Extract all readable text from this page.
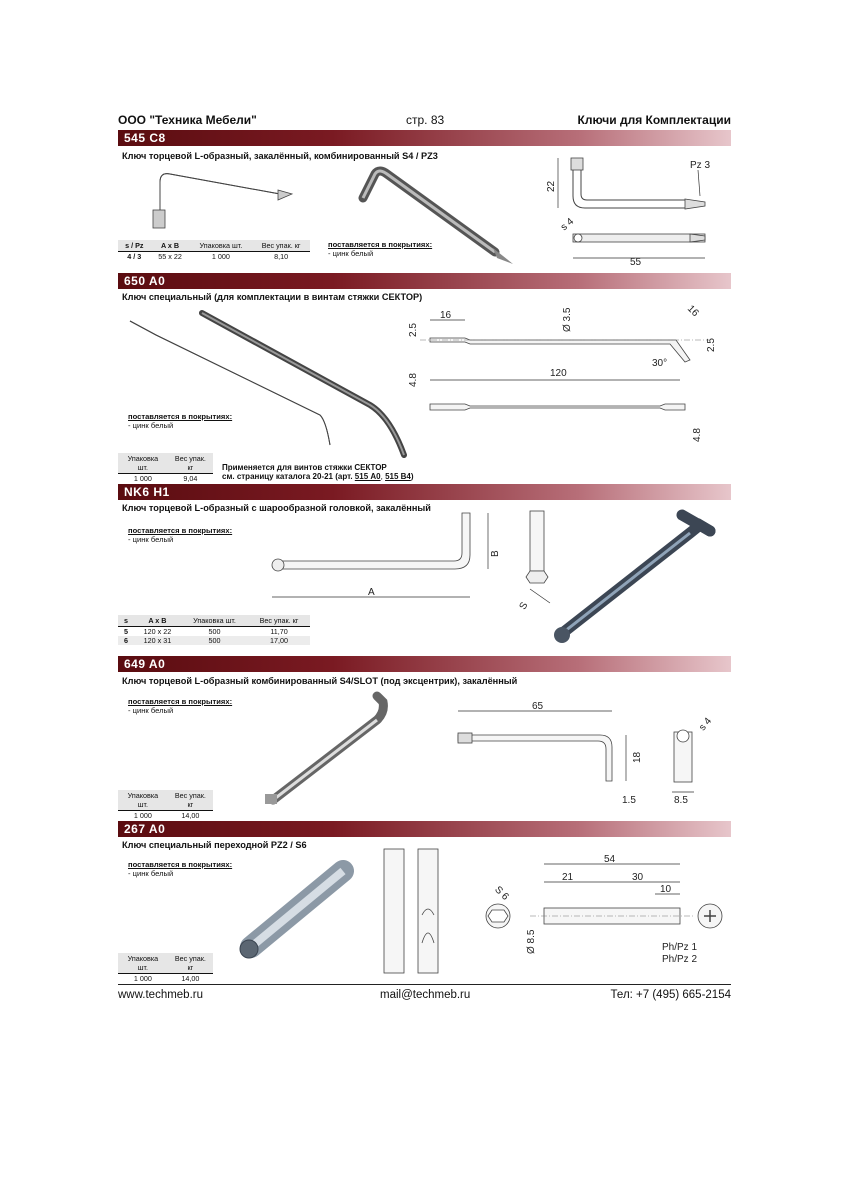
ООО "Техника Мебели"	стр. 83	Ключи для Комплектации
545 C8
Ключ торцевой L-образный, закалённый, комбинированный S4 / PZ3
22
Pz 3
s 4
55
s / Pz	A x B	Упаковка шт.	Вес упак. кг
4 / 3	55 x 22	1 000	8,10
поставляется в покрытиях:
- цинк белый
650 A0
Ключ специальный (для комплектации в винтам стяжки СЕКТОР)
16
2.5	Ø 3.5	16
2.5
30°
120
4.8
4.8
поставляется в покрытиях:
- цинк белый
Упаковка шт.	Вес упак. кг
1 000	9,04
Применяется для винтов стяжки СЕКТОР
см. страницу каталога 20-21 (арт. 515 A0, 515 B4)
NK6 H1
Ключ торцевой L-образный с шарообразной головкой, закалённый
поставляется в покрытиях:
- цинк белый
B
A
S
s	A x B	Упаковка шт.	Вес упак. кг
5	120 x 22	500	11,70
6	120 x 31	500	17,00
649 A0
Ключ торцевой L-образный комбинированный S4/SLOT (под эксцентрик), закалённый
поставляется в покрытиях:
- цинк белый	65
18
1.5
s 4
8.5
Упаковка шт.	Вес упак. кг
1 000	14,00
267 A0
Ключ специальный переходной PZ2 / S6
поставляется в покрытиях:
- цинк белый
54
21	30
10
S 6
Ø 8.5	Ph/Pz 1
Ph/Pz 2
Упаковка шт.	Вес упак. кг
1 000	14,00
www.techmeb.ru	mail@techmeb.ru	Тел: +7 (495) 665-2154
